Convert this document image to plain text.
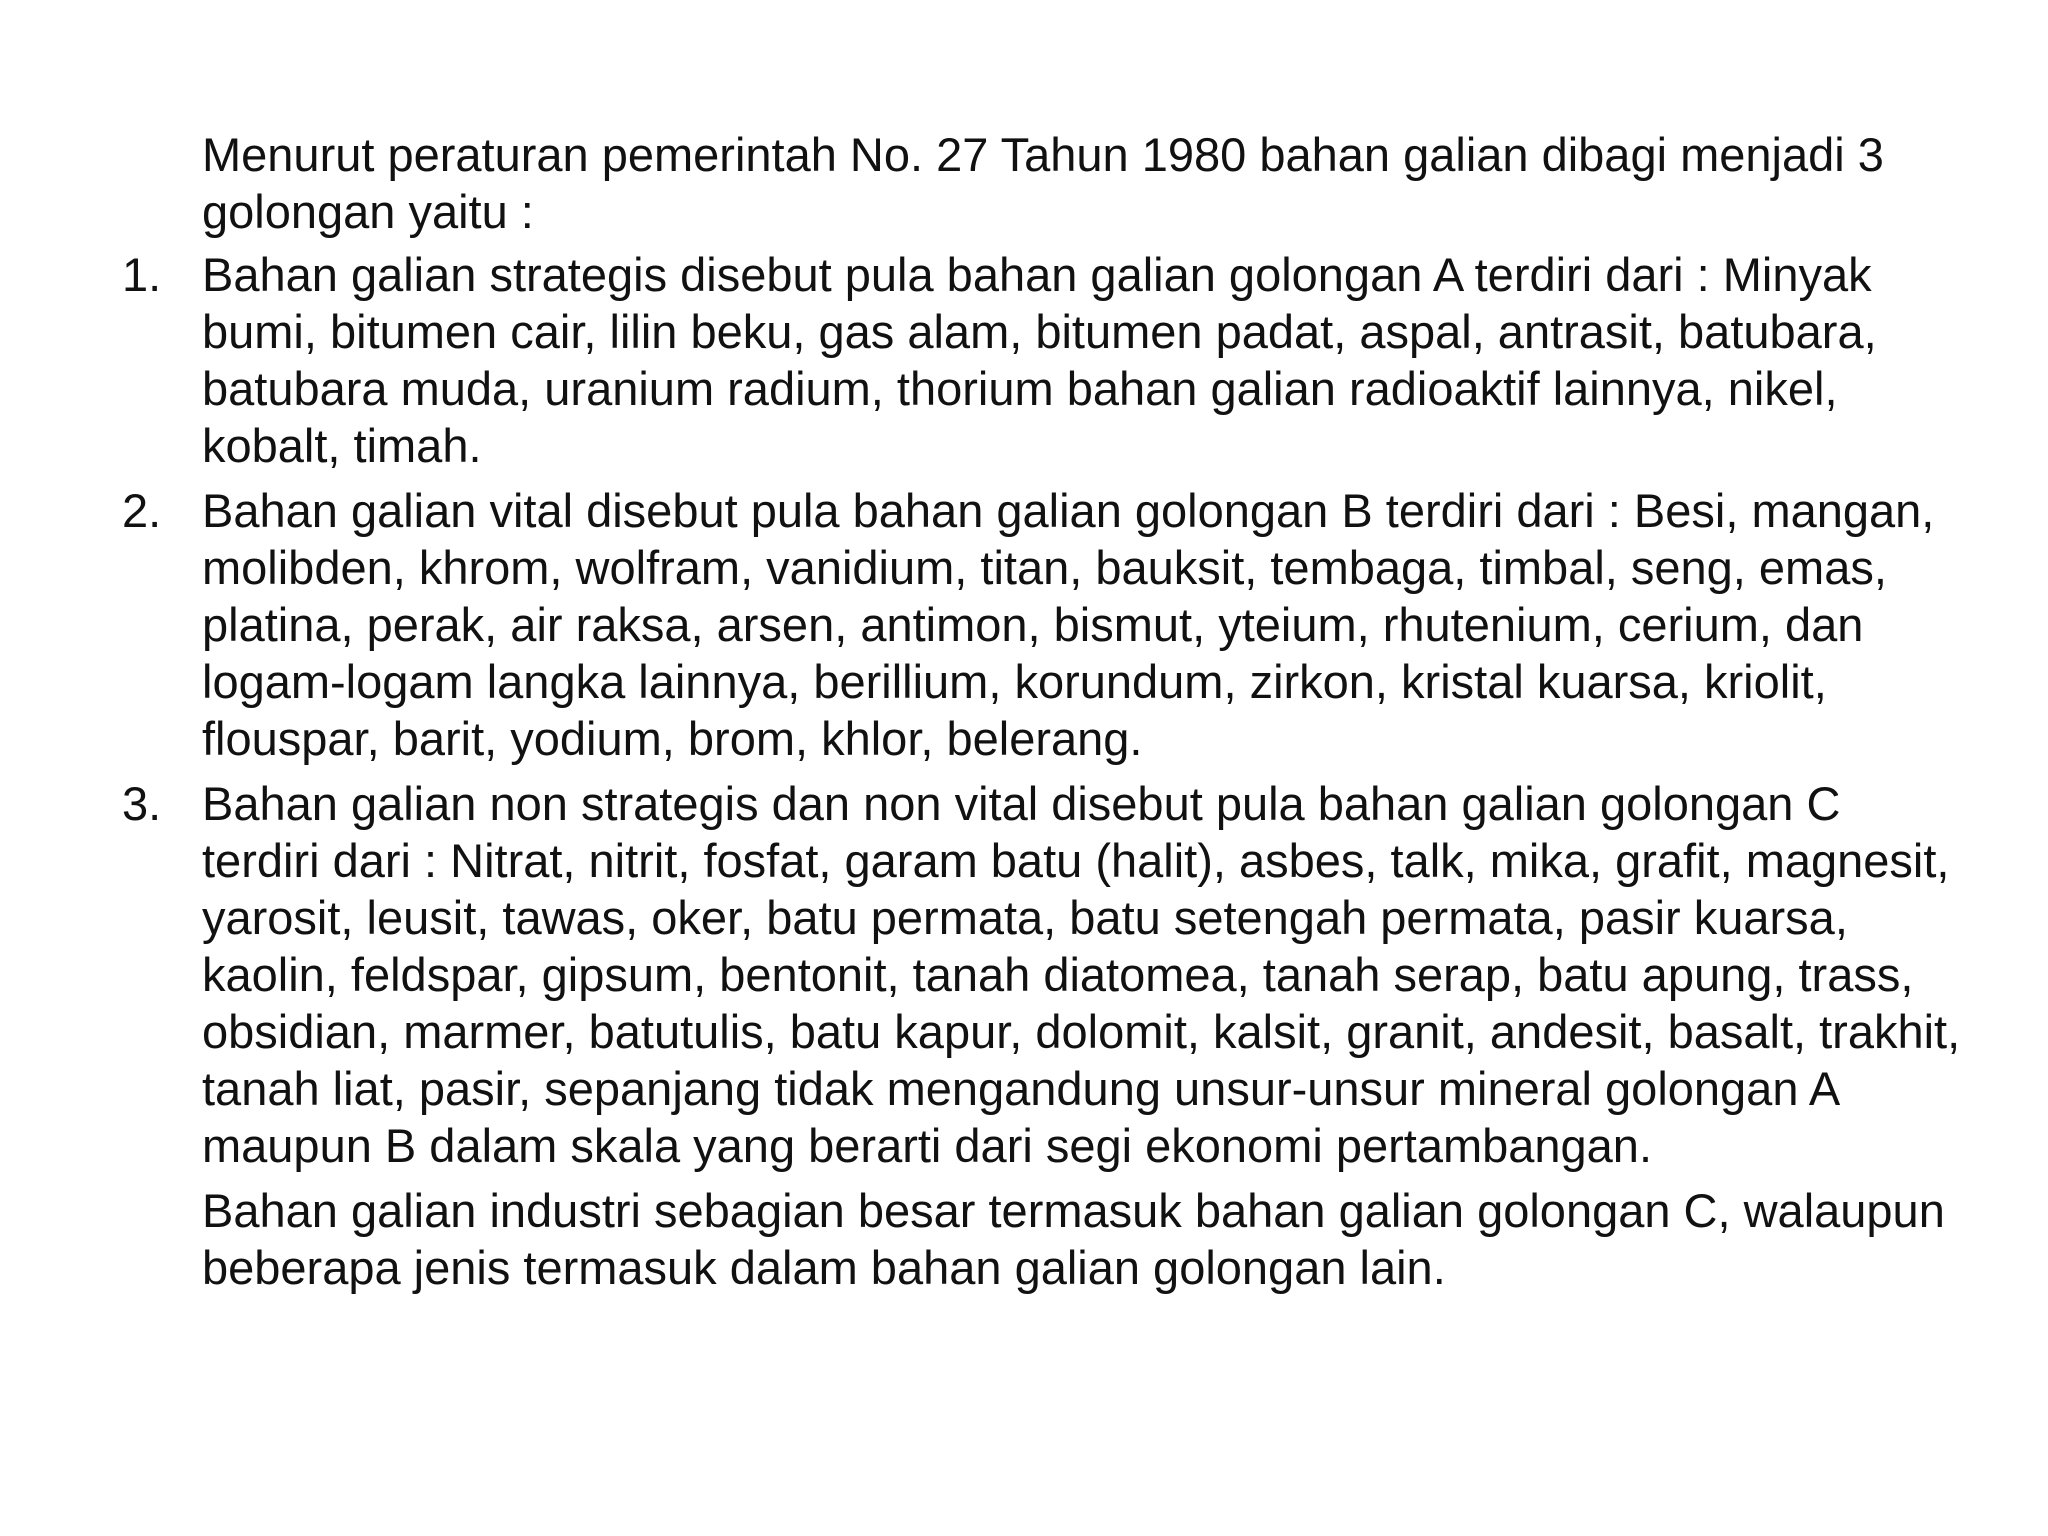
Menurut peraturan pemerintah No. 27 Tahun 1980 bahan galian dibagi menjadi 3 golongan yaitu :

1. Bahan galian strategis disebut pula bahan galian golongan A terdiri dari : Minyak bumi, bitumen cair, lilin beku, gas alam, bitumen padat, aspal, antrasit, batubara, batubara muda, uranium radium, thorium bahan galian radioaktif lainnya, nikel, kobalt, timah.
2. Bahan galian vital disebut pula bahan galian golongan B terdiri dari : Besi, mangan, molibden, khrom, wolfram, vanidium, titan, bauksit, tembaga, timbal, seng, emas, platina, perak, air raksa, arsen, antimon, bismut, yteium, rhutenium, cerium, dan logam-logam langka lainnya, berillium, korundum, zirkon, kristal kuarsa, kriolit, flouspar, barit, yodium, brom, khlor, belerang.
3. Bahan galian non strategis dan non vital disebut pula bahan galian golongan C terdiri dari : Nitrat, nitrit, fosfat, garam batu (halit), asbes, talk, mika, grafit, magnesit, yarosit, leusit, tawas, oker, batu permata, batu setengah permata, pasir kuarsa, kaolin, feldspar, gipsum, bentonit, tanah diatomea, tanah serap, batu apung, trass, obsidian, marmer, batutulis, batu kapur, dolomit, kalsit, granit, andesit, basalt, trakhit, tanah liat, pasir, sepanjang tidak mengandung unsur-unsur mineral golongan A maupun B dalam skala yang berarti dari segi ekonomi pertambangan.

Bahan galian industri sebagian besar termasuk bahan galian golongan C, walaupun beberapa jenis termasuk dalam bahan galian golongan lain.
